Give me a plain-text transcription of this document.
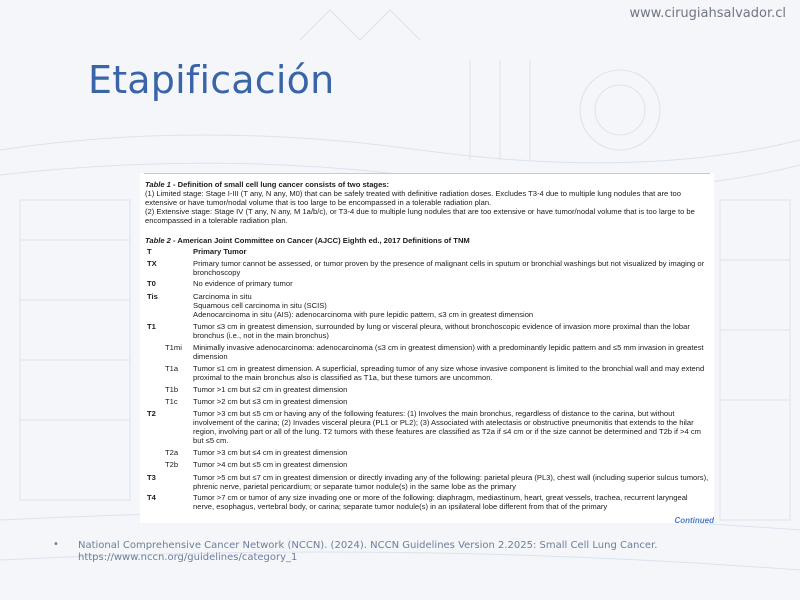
www.cirugiahsalvador.cl
Etapificación
Table 1 - Definition of small cell lung cancer consists of two stages:
(1) Limited stage: Stage I-III (T any, N any, M0) that can be safely treated with definitive radiation doses. Excludes T3-4 due to multiple lung nodules that are too extensive or have tumor/nodal volume that is too large to be encompassed in a tolerable radiation plan.
(2) Extensive stage: Stage IV (T any, N any, M 1a/b/c), or T3-4 due to multiple lung nodules that are too extensive or have tumor/nodal volume that is too large to be encompassed in a tolerable radiation plan.
Table 2 - American Joint Committee on Cancer (AJCC) Eighth ed., 2017 Definitions of TNM
T	Primary Tumor
TX	Primary tumor cannot be assessed, or tumor proven by the presence of malignant cells in sputum or bronchial washings but not visualized by imaging or bronchoscopy
T0	No evidence of primary tumor
Tis	Carcinoma in situ
Squamous cell carcinoma in situ (SCIS)
Adenocarcinoma in situ (AIS): adenocarcinoma with pure lepidic pattern, ≤3 cm in greatest dimension
T1	Tumor ≤3 cm in greatest dimension, surrounded by lung or visceral pleura, without bronchoscopic evidence of invasion more proximal than the lobar bronchus (i.e., not in the main bronchus)
T1mi Minimally invasive adenocarcinoma: adenocarcinoma (≤3 cm in greatest dimension) with a predominantly lepidic pattern and ≤5 mm invasion in greatest dimension
T1a Tumor ≤1 cm in greatest dimension. A superficial, spreading tumor of any size whose invasive component is limited to the bronchial wall and may extend proximal to the main bronchus also is classified as T1a, but these tumors are uncommon.
T1b Tumor >1 cm but ≤2 cm in greatest dimension
T1c Tumor >2 cm but ≤3 cm in greatest dimension
T2	Tumor >3 cm but ≤5 cm or having any of the following features: (1) Involves the main bronchus, regardless of distance to the carina, but without involvement of the carina; (2) Invades visceral pleura (PL1 or PL2); (3) Associated with atelectasis or obstructive pneumonitis that extends to the hilar region, involving part or all of the lung. T2 tumors with these features are classified as T2a if ≤4 cm or if the size cannot be determined and T2b if >4 cm but ≤5 cm.
T2a Tumor >3 cm but ≤4 cm in greatest dimension
T2b Tumor >4 cm but ≤5 cm in greatest dimension
T3	Tumor >5 cm but ≤7 cm in greatest dimension or directly invading any of the following: parietal pleura (PL3), chest wall (including superior sulcus tumors), phrenic nerve, parietal pericardium; or separate tumor nodule(s) in the same lobe as the primary
T4	Tumor >7 cm or tumor of any size invading one or more of the following: diaphragm, mediastinum, heart, great vessels, trachea, recurrent laryngeal nerve, esophagus, vertebral body, or carina; separate tumor nodule(s) in an ipsilateral lobe different from that of the primary
Continued
• National Comprehensive Cancer Network (NCCN). (2024). NCCN Guidelines Version 2.2025: Small Cell Lung Cancer.
https://www.nccn.org/guidelines/category_1
